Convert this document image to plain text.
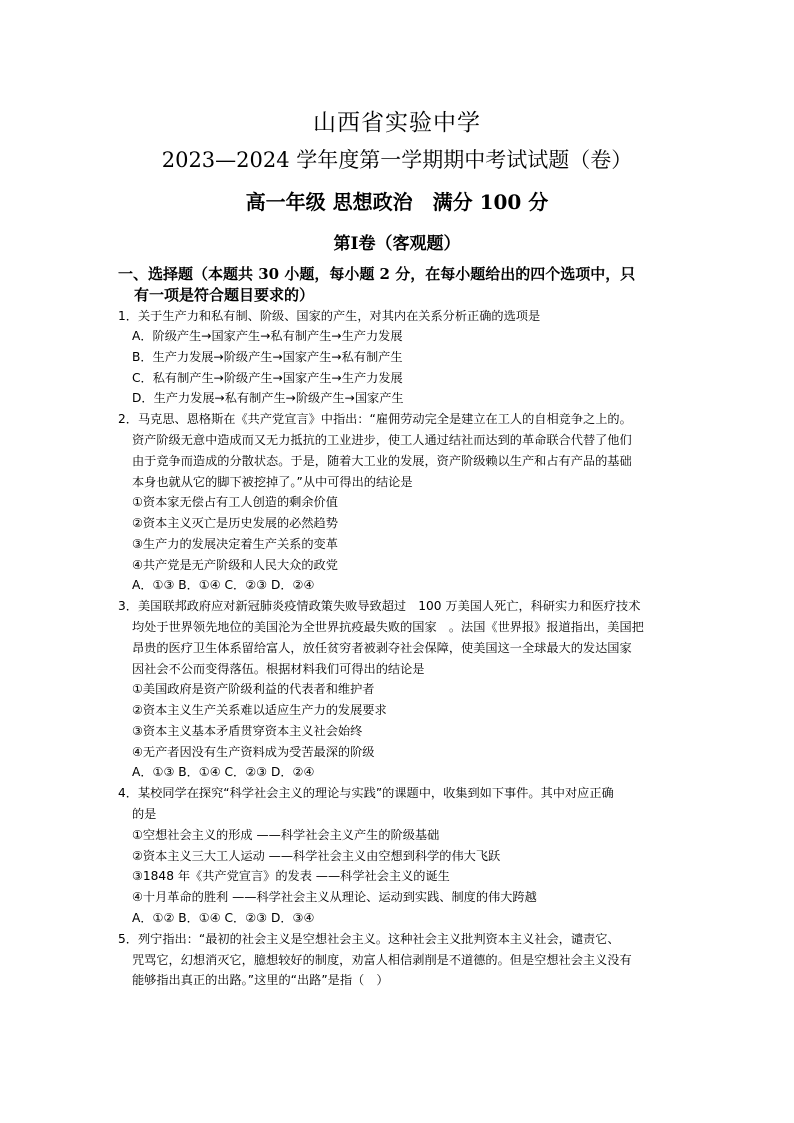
山西省实验中学
2023—2024 学年度第一学期期中考试试题（卷）
高一年级 思想政治　满分 100 分
第Ⅰ卷（客观题）
一、选择题（本题共 30 小题，每小题 2 分，在每小题给出的四个选项中，只
有一项是符合题目要求的）
1．关于生产力和私有制、阶级、国家的产生，对其内在关系分析正确的选项是
A．阶级产生→国家产生→私有制产生→生产力发展
B．生产力发展→阶级产生→国家产生→私有制产生
C．私有制产生→阶级产生→国家产生→生产力发展
D．生产力发展→私有制产生→阶级产生→国家产生
2．马克思、恩格斯在《共产党宣言》中指出：“雇佣劳动完全是建立在工人的自相竞争之上的。
资产阶级无意中造成而又无力抵抗的工业进步，使工人通过结社而达到的革命联合代替了他们
由于竞争而造成的分散状态。于是，随着大工业的发展，资产阶级赖以生产和占有产品的基础
本身也就从它的脚下被挖掉了。”从中可得出的结论是
①资本家无偿占有工人创造的剩余价值
②资本主义灭亡是历史发展的必然趋势
③生产力的发展决定着生产关系的变革
④共产党是无产阶级和人民大众的政党
A．①③ B．①④ C．②③ D．②④
3．美国联邦政府应对新冠肺炎疫情政策失败导致超过　100 万美国人死亡，科研实力和医疗技术
均处于世界领先地位的美国沦为全世界抗疫最失败的国家　。法国《世界报》报道指出，美国把
昂贵的医疗卫生体系留给富人，放任贫穷者被剥夺社会保障，使美国这一全球最大的发达国家
因社会不公而变得落伍。根据材料我们可得出的结论是
①美国政府是资产阶级利益的代表者和维护者
②资本主义生产关系难以适应生产力的发展要求
③资本主义基本矛盾贯穿资本主义社会始终
④无产者因没有生产资料成为受苦最深的阶级
A．①③ B．①④ C．②③ D．②④
4．某校同学在探究“科学社会主义的理论与实践”的课题中，收集到如下事件。其中对应正确
的是
①空想社会主义的形成 ——科学社会主义产生的阶级基础
②资本主义三大工人运动 ——科学社会主义由空想到科学的伟大飞跃
③1848 年《共产党宣言》的发表 ——科学社会主义的诞生
④十月革命的胜利 ——科学社会主义从理论、运动到实践、制度的伟大跨越
A．①② B．①④ C．②③ D．③④
5．列宁指出：“最初的社会主义是空想社会主义。这种社会主义批判资本主义社会，谴责它、
咒骂它，幻想消灭它，臆想较好的制度，劝富人相信剥削是不道德的。但是空想社会主义没有
能够指出真正的出路。”这里的“出路”是指（　）
